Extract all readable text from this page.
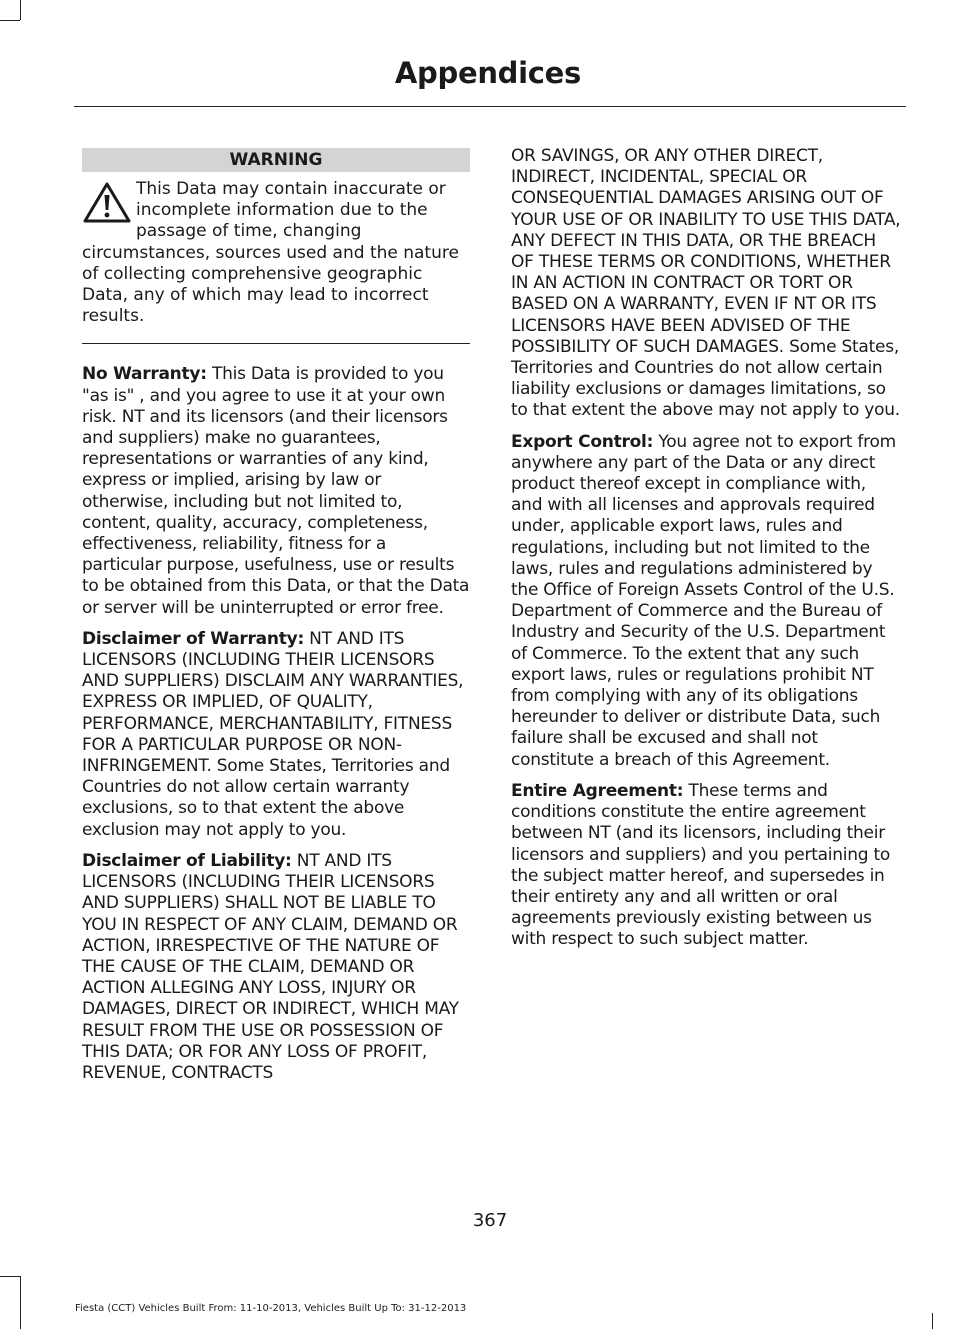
Appendices
WARNING
This Data may contain inaccurate or incomplete information due to the passage of time, changing circumstances, sources used and the nature of collecting comprehensive geographic Data, any of which may lead to incorrect results.

No Warranty: This Data is provided to you "as is" , and you agree to use it at your own risk. NT and its licensors (and their licensors and suppliers) make no guarantees, representations or warranties of any kind, express or implied, arising by law or otherwise, including but not limited to, content, quality, accuracy, completeness, effectiveness, reliability, fitness for a particular purpose, usefulness, use or results to be obtained from this Data, or that the Data or server will be uninterrupted or error free.

Disclaimer of Warranty: NT AND ITS LICENSORS (INCLUDING THEIR LICENSORS AND SUPPLIERS) DISCLAIM ANY WARRANTIES, EXPRESS OR IMPLIED, OF QUALITY, PERFORMANCE, MERCHANTABILITY, FITNESS FOR A PARTICULAR PURPOSE OR NON-INFRINGEMENT. Some States, Territories and Countries do not allow certain warranty exclusions, so to that extent the above exclusion may not apply to you.

Disclaimer of Liability: NT AND ITS LICENSORS (INCLUDING THEIR LICENSORS AND SUPPLIERS) SHALL NOT BE LIABLE TO YOU IN RESPECT OF ANY CLAIM, DEMAND OR ACTION, IRRESPECTIVE OF THE NATURE OF THE CAUSE OF THE CLAIM, DEMAND OR ACTION ALLEGING ANY LOSS, INJURY OR DAMAGES, DIRECT OR INDIRECT, WHICH MAY RESULT FROM THE USE OR POSSESSION OF THIS DATA; OR FOR ANY LOSS OF PROFIT, REVENUE, CONTRACTS

OR SAVINGS, OR ANY OTHER DIRECT, INDIRECT, INCIDENTAL, SPECIAL OR CONSEQUENTIAL DAMAGES ARISING OUT OF YOUR USE OF OR INABILITY TO USE THIS DATA, ANY DEFECT IN THIS DATA, OR THE BREACH OF THESE TERMS OR CONDITIONS, WHETHER IN AN ACTION IN CONTRACT OR TORT OR BASED ON A WARRANTY, EVEN IF NT OR ITS LICENSORS HAVE BEEN ADVISED OF THE POSSIBILITY OF SUCH DAMAGES. Some States, Territories and Countries do not allow certain liability exclusions or damages limitations, so to that extent the above may not apply to you.

Export Control: You agree not to export from anywhere any part of the Data or any direct product thereof except in compliance with, and with all licenses and approvals required under, applicable export laws, rules and regulations, including but not limited to the laws, rules and regulations administered by the Office of Foreign Assets Control of the U.S. Department of Commerce and the Bureau of Industry and Security of the U.S. Department of Commerce. To the extent that any such export laws, rules or regulations prohibit NT from complying with any of its obligations hereunder to deliver or distribute Data, such failure shall be excused and shall not constitute a breach of this Agreement.

Entire Agreement: These terms and conditions constitute the entire agreement between NT (and its licensors, including their licensors and suppliers) and you pertaining to the subject matter hereof, and supersedes in their entirety any and all written or oral agreements previously existing between us with respect to such subject matter.

367
Fiesta (CCT) Vehicles Built From: 11-10-2013, Vehicles Built Up To: 31-12-2013
